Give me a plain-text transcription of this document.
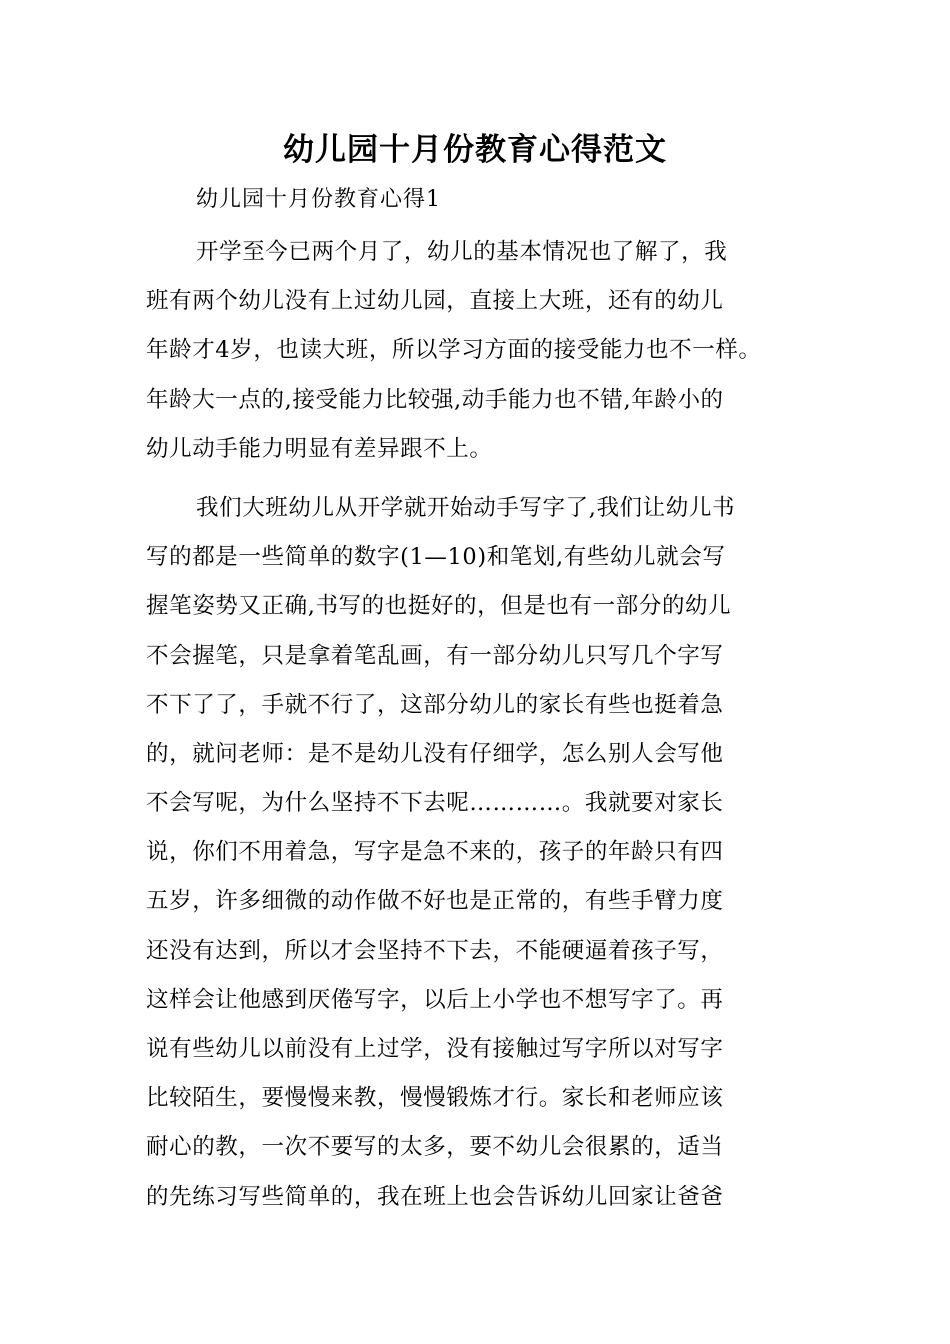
幼儿园十月份教育心得范文
幼儿园十月份教育心得1
开学至今已两个月了，幼儿的基本情况也了解了，我
班有两个幼儿没有上过幼儿园，直接上大班，还有的幼儿
年龄才4岁，也读大班，所以学习方面的接受能力也不一样。
年龄大一点的,接受能力比较强,动手能力也不错,年龄小的
幼儿动手能力明显有差异跟不上。
我们大班幼儿从开学就开始动手写字了,我们让幼儿书
写的都是一些简单的数字(1—10)和笔划,有些幼儿就会写
握笔姿势又正确,书写的也挺好的，但是也有一部分的幼儿
不会握笔，只是拿着笔乱画，有一部分幼儿只写几个字写
不下了了，手就不行了，这部分幼儿的家长有些也挺着急
的，就问老师：是不是幼儿没有仔细学，怎么别人会写他
不会写呢，为什么坚持不下去呢…………。我就要对家长
说，你们不用着急，写字是急不来的，孩子的年龄只有四
五岁，许多细微的动作做不好也是正常的，有些手臂力度
还没有达到，所以才会坚持不下去，不能硬逼着孩子写，
这样会让他感到厌倦写字，以后上小学也不想写字了。再
说有些幼儿以前没有上过学，没有接触过写字所以对写字
比较陌生，要慢慢来教，慢慢锻炼才行。家长和老师应该
耐心的教，一次不要写的太多，要不幼儿会很累的，适当
的先练习写些简单的，我在班上也会告诉幼儿回家让爸爸
